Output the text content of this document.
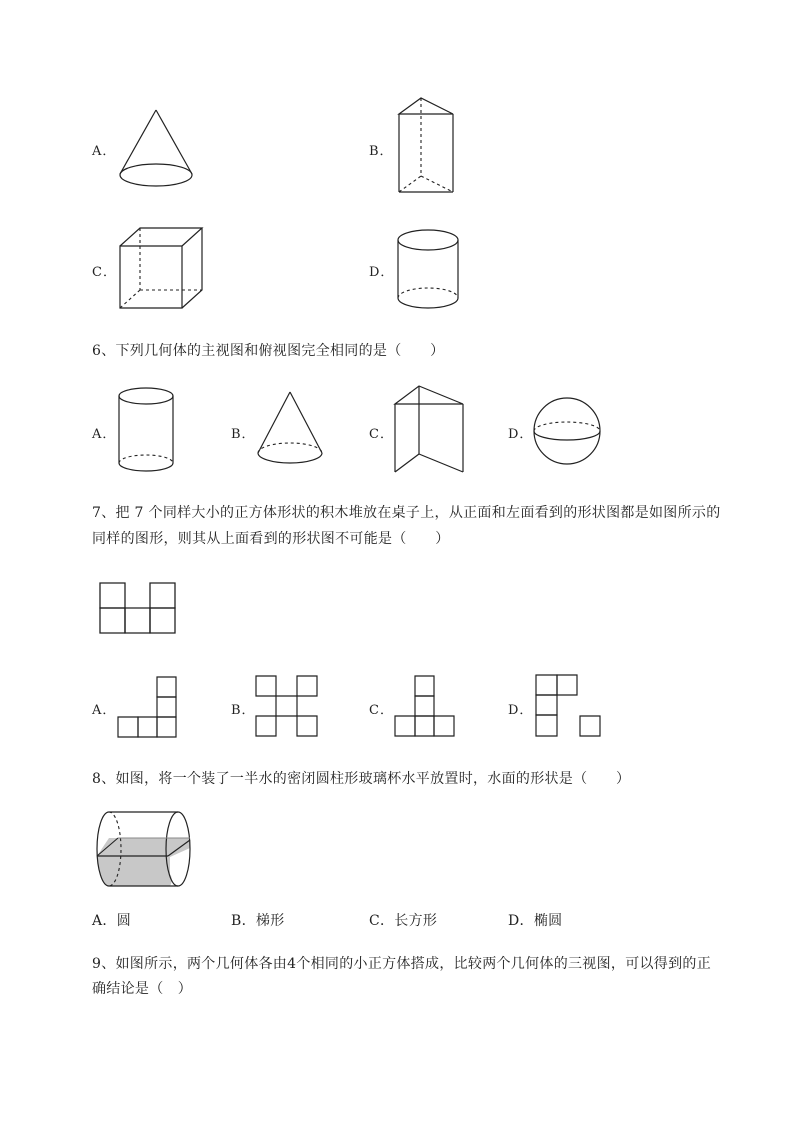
A．	B．
C．	D．
6、下列几何体的主视图和俯视图完全相同的是（　　）
A．	B．	C．	D．
7、把 7 个同样大小的正方体形状的积木堆放在桌子上，从正面和左面看到的形状图都是如图所示的
同样的图形，则其从上面看到的形状图不可能是（　　）
A．	B．	C．	D．
8、如图，将一个装了一半水的密闭圆柱形玻璃杯水平放置时，水面的形状是（　　）
A．圆	B．梯形	C．长方形	D．椭圆
9、如图所示，两个几何体各由4个相同的小正方体搭成，比较两个几何体的三视图，可以得到的正
确结论是（　）
